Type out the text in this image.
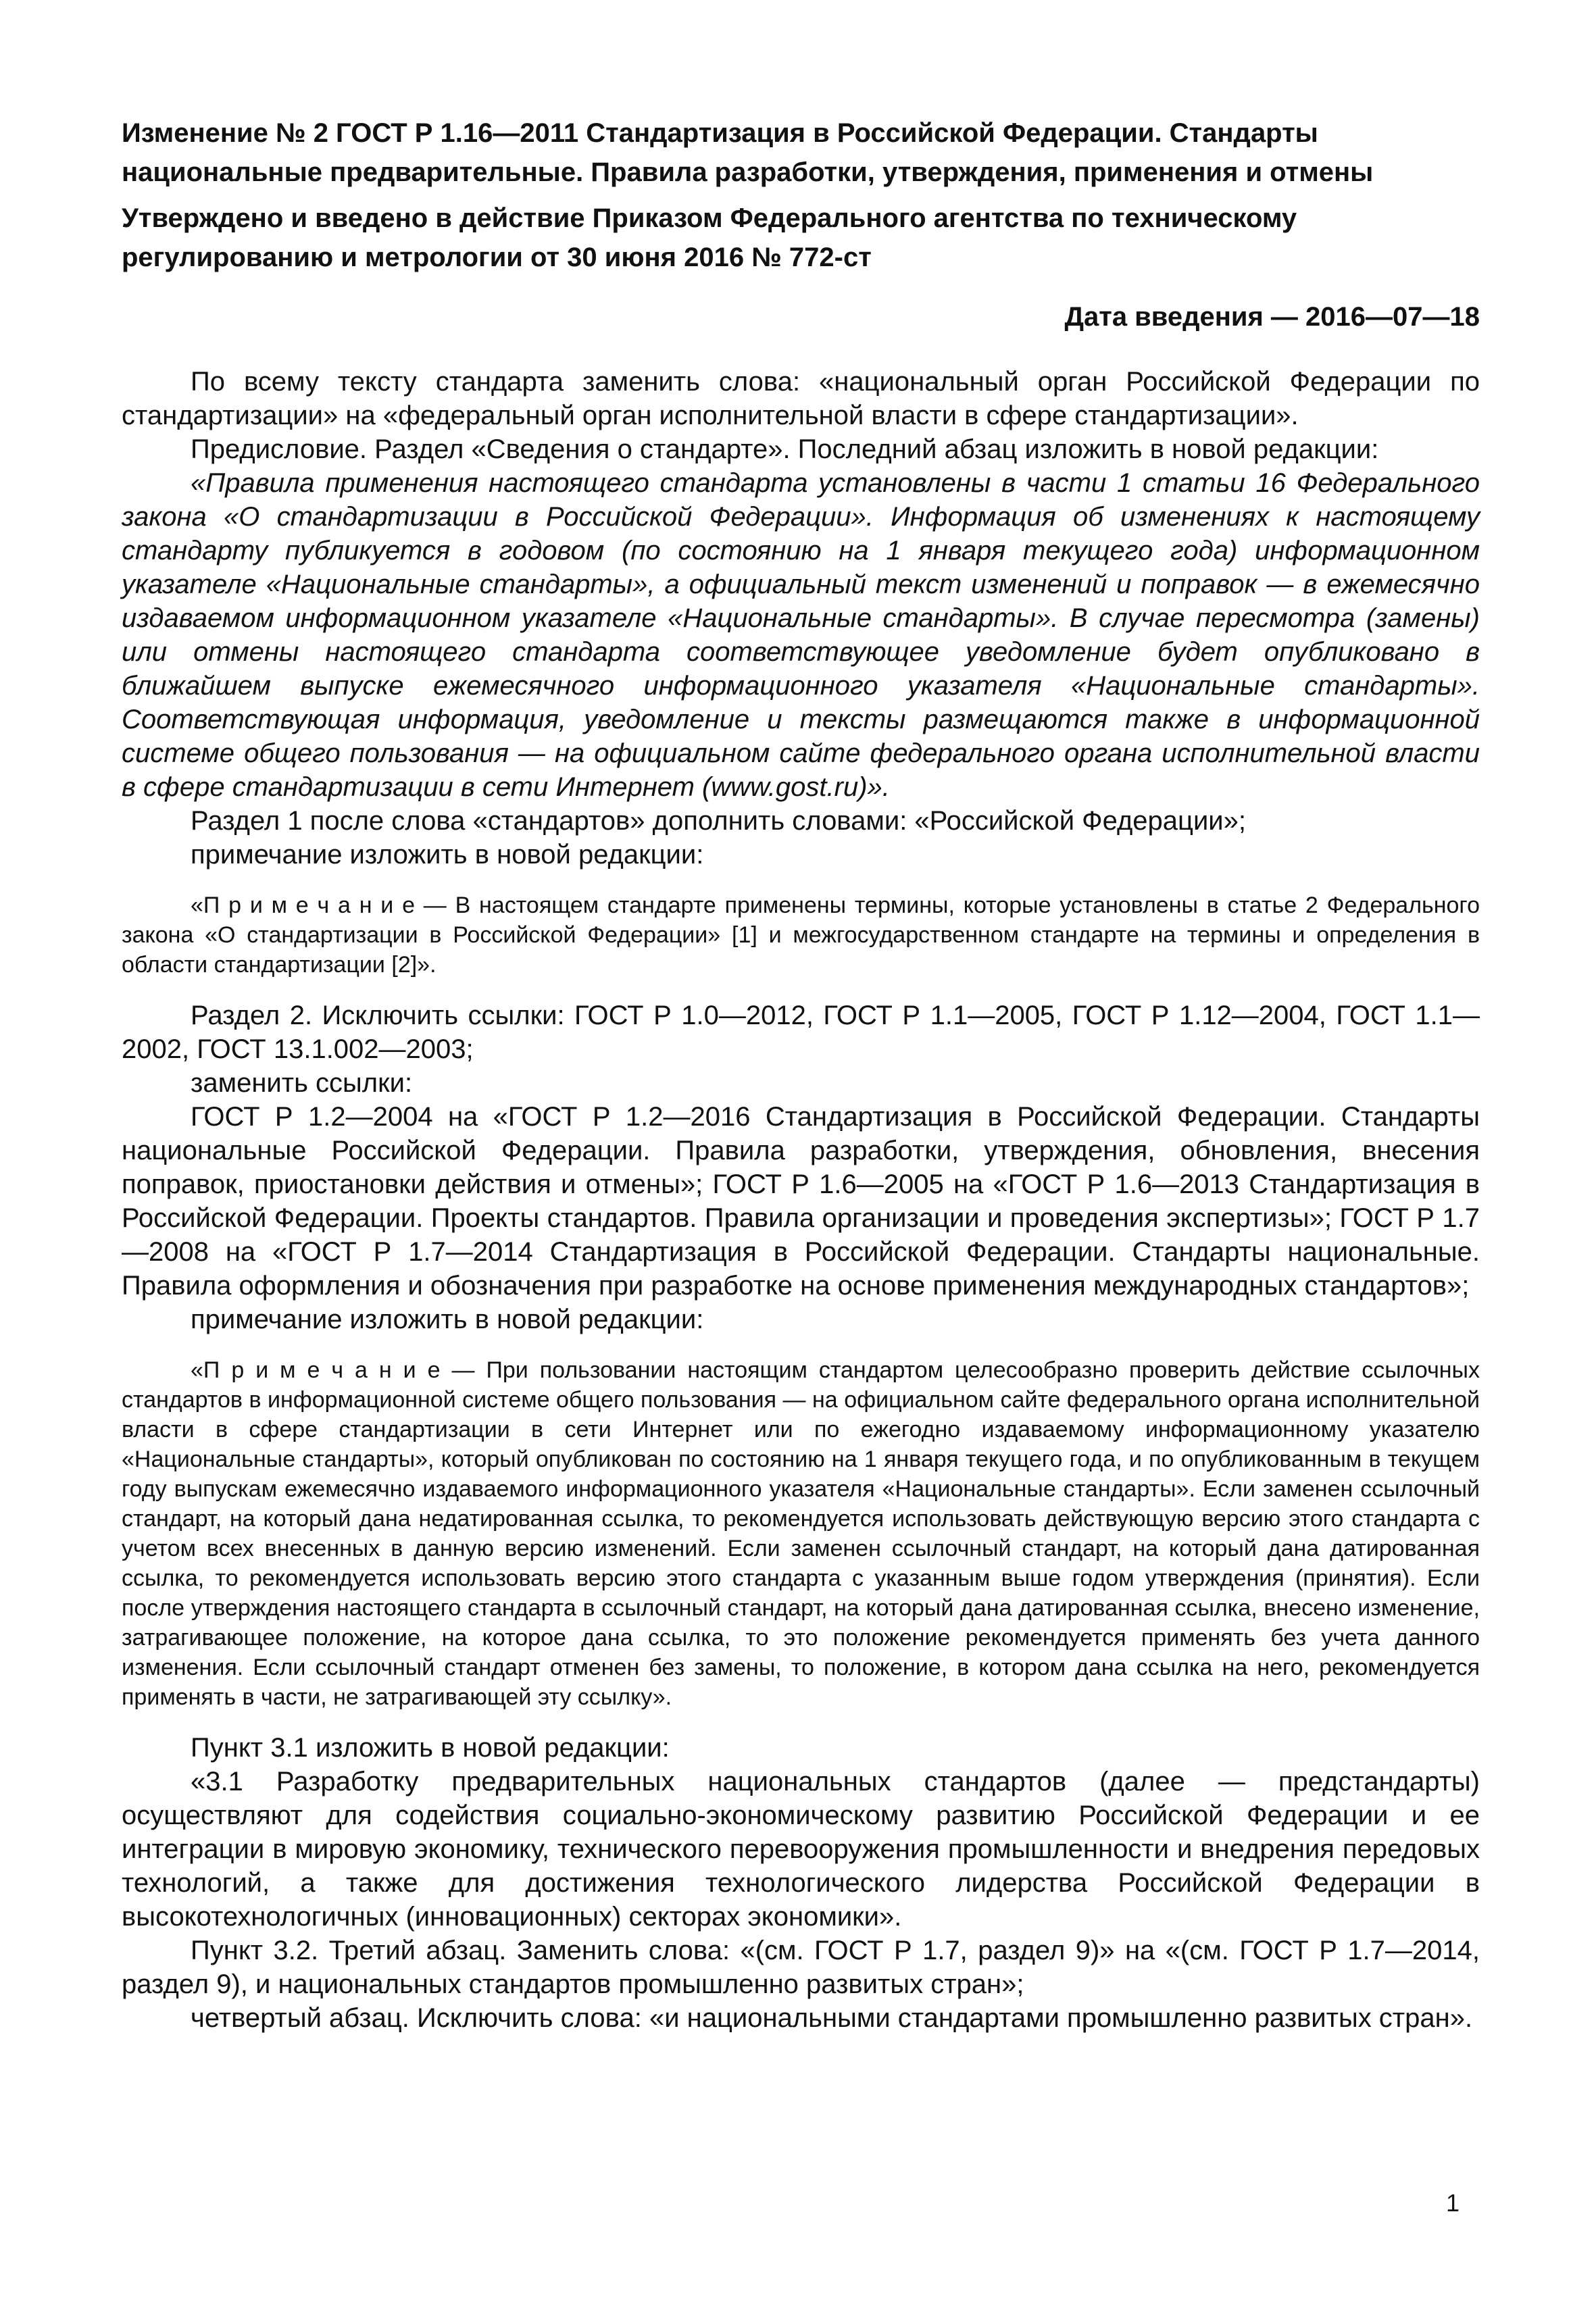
Изменение № 2 ГОСТ Р 1.16—2011 Стандартизация в Российской Федерации. Стандарты национальные предварительные. Правила разработки, утверждения, применения и отмены

Утверждено и введено в действие Приказом Федерального агентства по техническому регулированию и метрологии от 30 июня 2016 № 772-ст

Дата введения — 2016—07—18

По всему тексту стандарта заменить слова: «национальный орган Российской Федерации по стандартизации» на «федеральный орган исполнительной власти в сфере стандартизации».

Предисловие. Раздел «Сведения о стандарте». Последний абзац изложить в новой редакции:

«Правила применения настоящего стандарта установлены в части 1 статьи 16 Федерального закона «О стандартизации в Российской Федерации». Информация об изменениях к настоящему стандарту публикуется в годовом (по состоянию на 1 января текущего года) информационном указателе «Национальные стандарты», а официальный текст изменений и поправок — в ежемесячно издаваемом информационном указателе «Национальные стандарты». В случае пересмотра (замены) или отмены настоящего стандарта соответствующее уведомление будет опубликовано в ближайшем выпуске ежемесячного информационного указателя «Национальные стандарты». Соответствующая информация, уведомление и тексты размещаются также в информационной системе общего пользования — на официальном сайте федерального органа исполнительной власти в сфере стандартизации в сети Интернет (www.gost.ru)».

Раздел 1 после слова «стандартов» дополнить словами: «Российской Федерации»;

примечание изложить в новой редакции:

«П р и м е ч а н и е — В настоящем стандарте применены термины, которые установлены в статье 2 Федерального закона «О стандартизации в Российской Федерации» [1] и межгосударственном стандарте на термины и определения в области стандартизации [2]».

Раздел 2. Исключить ссылки: ГОСТ Р 1.0—2012, ГОСТ Р 1.1—2005, ГОСТ Р 1.12—2004, ГОСТ 1.1—2002, ГОСТ 13.1.002—2003;

заменить ссылки:

ГОСТ Р 1.2—2004 на «ГОСТ Р 1.2—2016 Стандартизация в Российской Федерации. Стандарты национальные Российской Федерации. Правила разработки, утверждения, обновления, внесения поправок, приостановки действия и отмены»; ГОСТ Р 1.6—2005 на «ГОСТ Р 1.6—2013 Стандартизация в Российской Федерации. Проекты стандартов. Правила организации и проведения экспертизы»; ГОСТ Р 1.7—2008 на «ГОСТ Р 1.7—2014 Стандартизация в Российской Федерации. Стандарты национальные. Правила оформления и обозначения при разработке на основе применения международных стандартов»;

примечание изложить в новой редакции:

«П р и м е ч а н и е — При пользовании настоящим стандартом целесообразно проверить действие ссылочных стандартов в информационной системе общего пользования — на официальном сайте федерального органа исполнительной власти в сфере стандартизации в сети Интернет или по ежегодно издаваемому информационному указателю «Национальные стандарты», который опубликован по состоянию на 1 января текущего года, и по опубликованным в текущем году выпускам ежемесячно издаваемого информационного указателя «Национальные стандарты». Если заменен ссылочный стандарт, на который дана недатированная ссылка, то рекомендуется использовать действующую версию этого стандарта с учетом всех внесенных в данную версию изменений. Если заменен ссылочный стандарт, на который дана датированная ссылка, то рекомендуется использовать версию этого стандарта с указанным выше годом утверждения (принятия). Если после утверждения настоящего стандарта в ссылочный стандарт, на который дана датированная ссылка, внесено изменение, затрагивающее положение, на которое дана ссылка, то это положение рекомендуется применять без учета данного изменения. Если ссылочный стандарт отменен без замены, то положение, в котором дана ссылка на него, рекомендуется применять в части, не затрагивающей эту ссылку».

Пункт 3.1 изложить в новой редакции:

«3.1 Разработку предварительных национальных стандартов (далее — предстандарты) осуществляют для содействия социально-экономическому развитию Российской Федерации и ее интеграции в мировую экономику, технического перевооружения промышленности и внедрения передовых технологий, а также для достижения технологического лидерства Российской Федерации в высокотехнологичных (инновационных) секторах экономики».

Пункт 3.2. Третий абзац. Заменить слова: «(см. ГОСТ Р 1.7, раздел 9)» на «(см. ГОСТ Р 1.7—2014, раздел 9), и национальных стандартов промышленно развитых стран»;

четвертый абзац. Исключить слова: «и национальными стандартами промышленно развитых стран».

1
